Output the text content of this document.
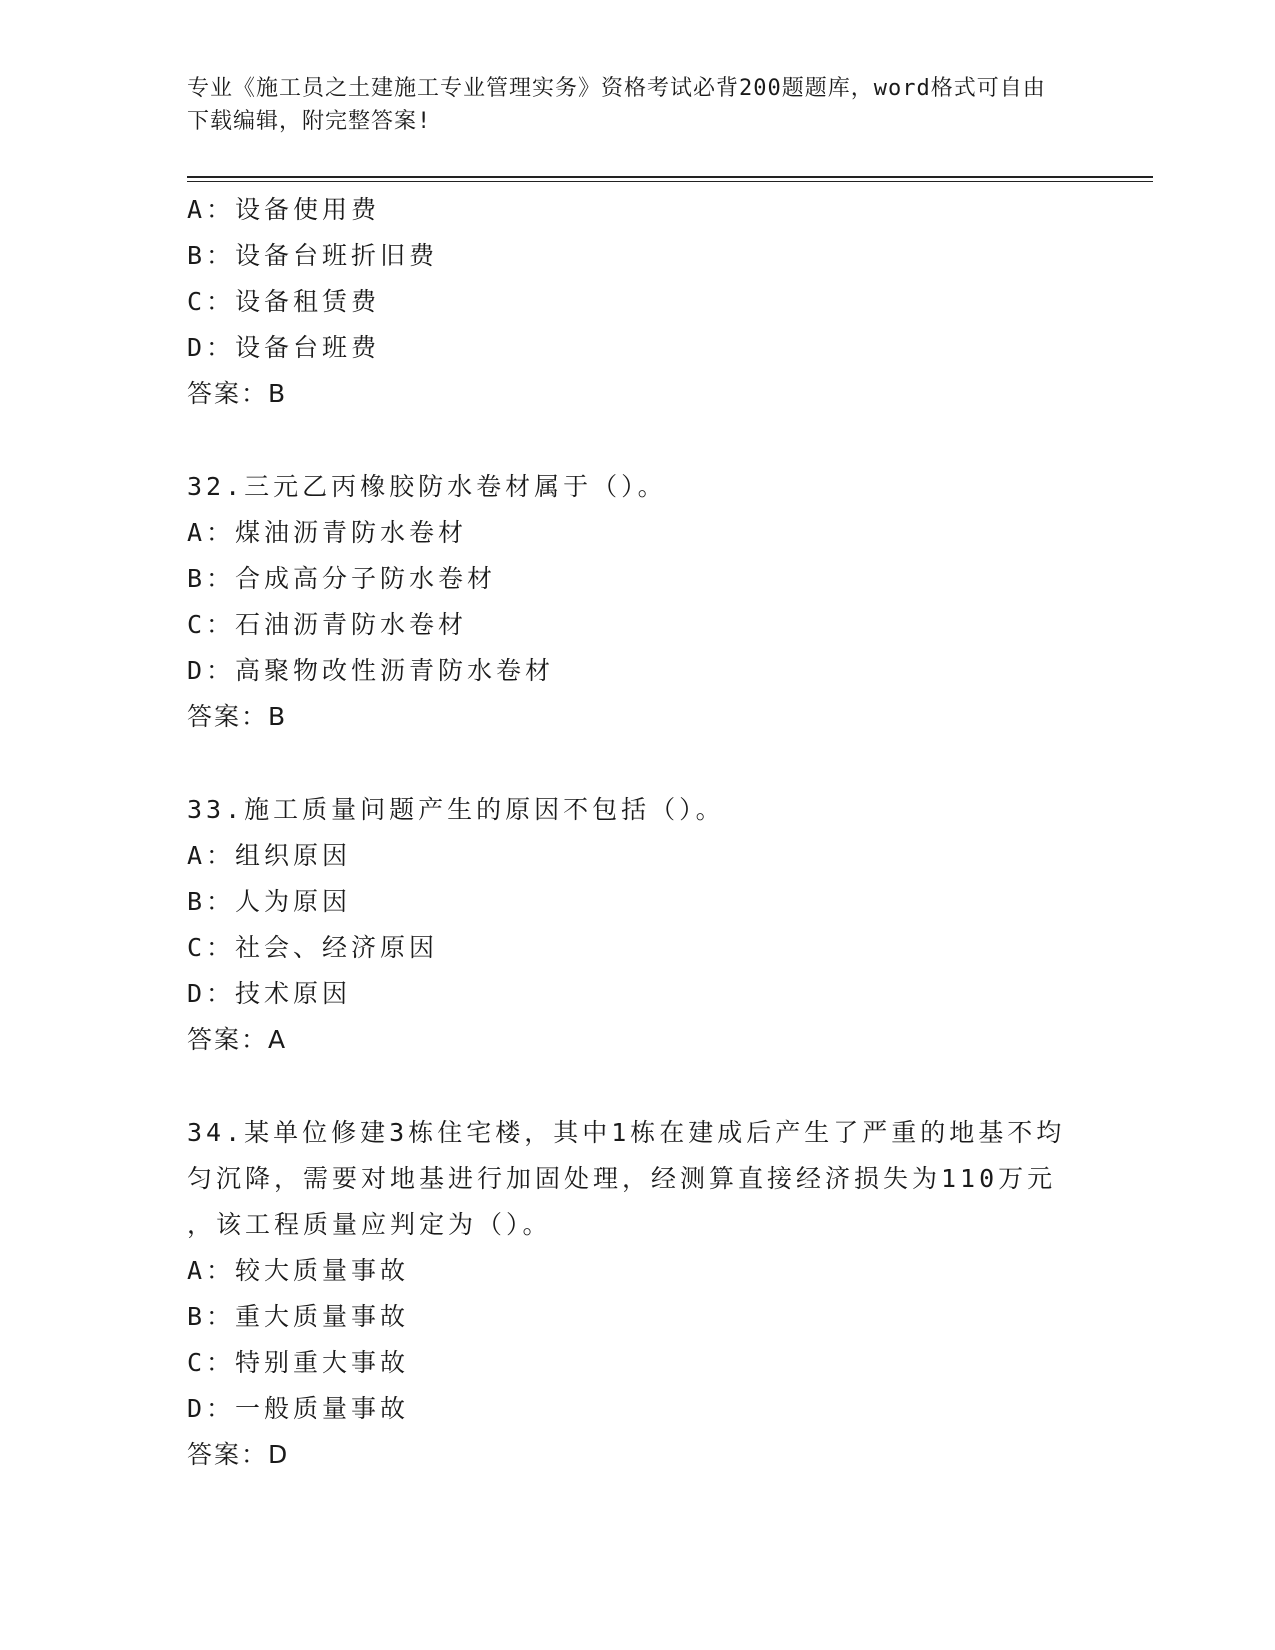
专业《施工员之土建施工专业管理实务》资格考试必背200题题库，word格式可自由下载编辑，附完整答案!
A：设备使用费
B：设备台班折旧费
C：设备租赁费
D：设备台班费
答案：B
32.三元乙丙橡胶防水卷材属于（）。
A：煤油沥青防水卷材
B：合成高分子防水卷材
C：石油沥青防水卷材
D：高聚物改性沥青防水卷材
答案：B
33.施工质量问题产生的原因不包括（）。
A：组织原因
B：人为原因
C：社会、经济原因
D：技术原因
答案：A
34.某单位修建3栋住宅楼，其中1栋在建成后产生了严重的地基不均
匀沉降，需要对地基进行加固处理，经测算直接经济损失为110万元
，该工程质量应判定为（）。
A：较大质量事故
B：重大质量事故
C：特别重大事故
D：一般质量事故
答案：D
